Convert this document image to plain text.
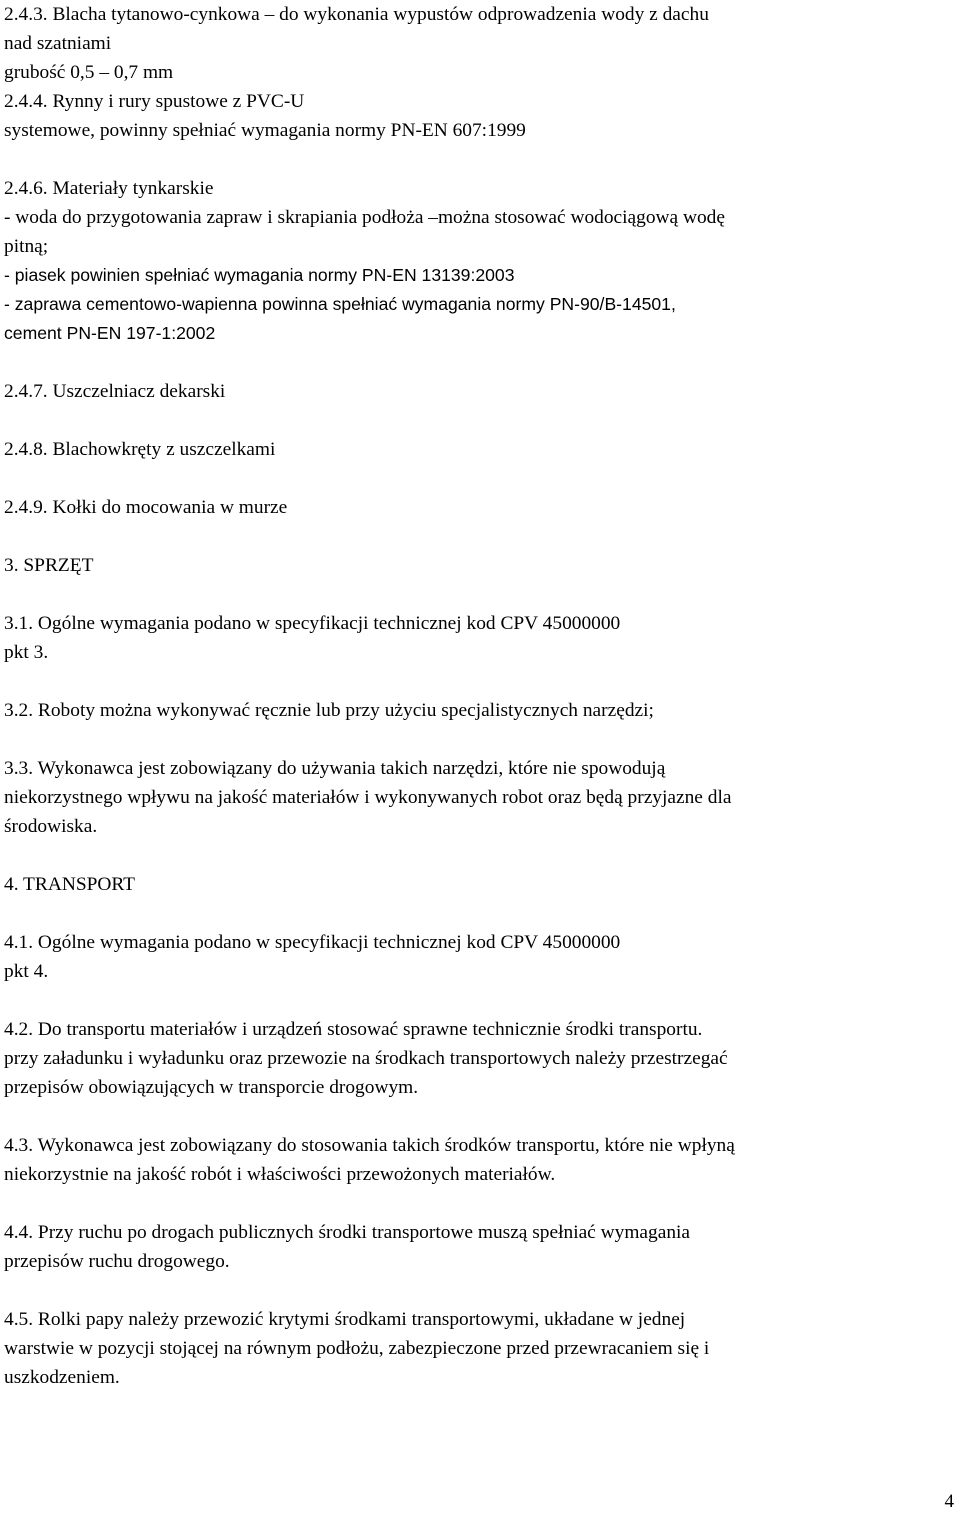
2.4.3. Blacha tytanowo-cynkowa – do wykonania wypustów odprowadzenia wody z dachu

nad szatniami

grubość 0,5 – 0,7 mm

2.4.4. Rynny i rury spustowe z PVC-U

systemowe, powinny spełniać wymagania normy PN-EN 607:1999

2.4.6. Materiały tynkarskie

- woda do przygotowania zapraw i skrapiania podłoża –można stosować wodociągową wodę

pitną;

- piasek powinien spełniać wymagania normy PN-EN 13139:2003

- zaprawa cementowo-wapienna powinna spełniać wymagania normy PN-90/B-14501,

cement PN-EN 197-1:2002

2.4.7. Uszczelniacz dekarski

2.4.8. Blachowkręty z uszczelkami

2.4.9. Kołki do mocowania w murze

3. SPRZĘT

3.1. Ogólne wymagania podano w specyfikacji technicznej kod CPV 45000000

pkt 3.

3.2. Roboty można wykonywać ręcznie lub przy użyciu specjalistycznych narzędzi;

3.3. Wykonawca jest zobowiązany do używania takich narzędzi, które nie spowodują

niekorzystnego wpływu na jakość materiałów i wykonywanych robot oraz będą przyjazne dla

środowiska.

4. TRANSPORT

4.1. Ogólne wymagania podano w specyfikacji technicznej kod CPV 45000000

pkt 4.

4.2. Do transportu materiałów i urządzeń stosować sprawne technicznie środki transportu.

przy załadunku i wyładunku oraz przewozie na środkach transportowych należy przestrzegać

przepisów obowiązujących w transporcie drogowym.

4.3. Wykonawca jest zobowiązany do stosowania takich środków transportu, które nie wpłyną

niekorzystnie na jakość robót i właściwości przewożonych materiałów.

4.4. Przy ruchu po drogach publicznych środki transportowe muszą spełniać wymagania

przepisów ruchu drogowego.

4.5. Rolki papy należy przewozić krytymi środkami transportowymi, układane w jednej

warstwie w pozycji stojącej na równym podłożu, zabezpieczone przed przewracaniem się i

uszkodzeniem.

4
